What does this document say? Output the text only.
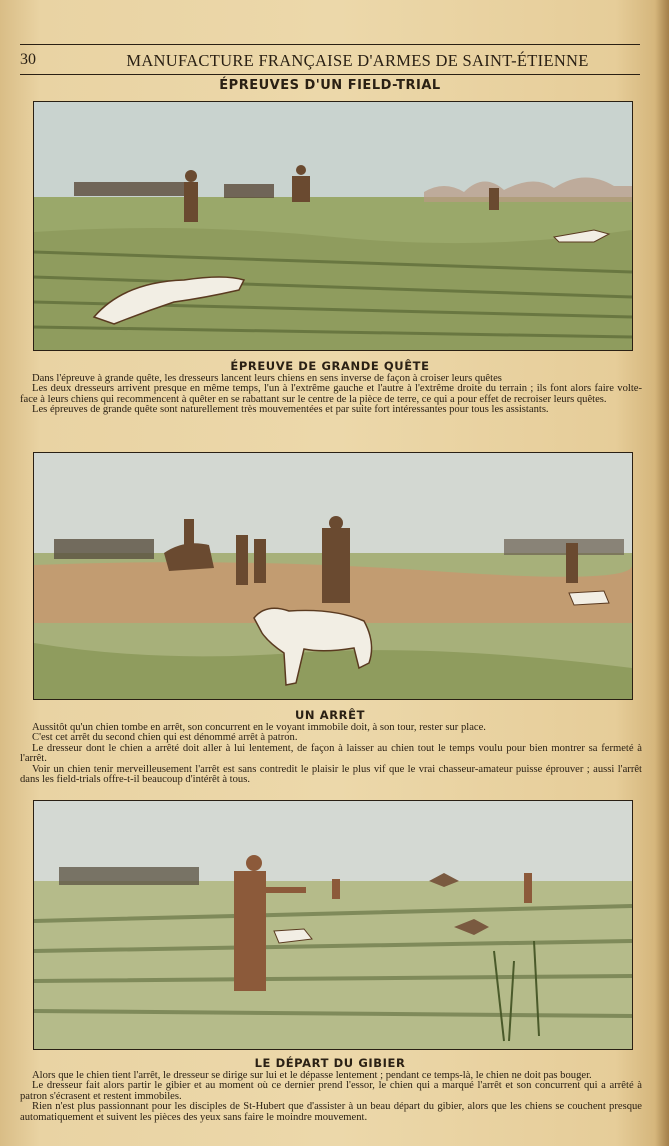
30	MANUFACTURE FRANÇAISE D'ARMES DE SAINT-ÉTIENNE
ÉPREUVES D'UN FIELD-TRIAL
ÉPREUVE DE GRANDE QUÊTE

Dans l'épreuve à grande quête, les dresseurs lancent leurs chiens en sens inverse de façon à croiser leurs quêtes

Les deux dresseurs arrivent presque en même temps, l'un à l'extrême gauche et l'autre à l'extrême droite du terrain ; ils font alors faire volte-face à leurs chiens qui recommencent à quêter en se rabattant sur le centre de la pièce de terre, ce qui a pour effet de recroiser leurs quêtes.

Les épreuves de grande quête sont naturellement très mouvementées et par suite fort intéressantes pour tous les assistants.

UN ARRÊT

Aussitôt qu'un chien tombe en arrêt, son concurrent en le voyant immobile doit, à son tour, rester sur place.

C'est cet arrêt du second chien qui est dénommé arrêt à patron.

Le dresseur dont le chien a arrêté doit aller à lui lentement, de façon à laisser au chien tout le temps voulu pour bien montrer sa fermeté à l'arrêt.

Voir un chien tenir merveilleusement l'arrêt est sans contredit le plaisir le plus vif que le vrai chasseur-amateur puisse éprouver ; aussi l'arrêt dans les field-trials offre-t-il beaucoup d'intérêt à tous.

LE DÉPART DU GIBIER

Alors que le chien tient l'arrêt, le dresseur se dirige sur lui et le dépasse lentement ; pendant ce temps-là, le chien ne doit pas bouger.

Le dresseur fait alors partir le gibier et au moment où ce dernier prend l'essor, le chien qui a marqué l'arrêt et son concurrent qui a arrêté à patron s'écrasent et restent immobiles.

Rien n'est plus passionnant pour les disciples de St-Hubert que d'assister à un beau départ du gibier, alors que les chiens se couchent presque automatiquement et suivent les pièces des yeux sans faire le moindre mouvement.
